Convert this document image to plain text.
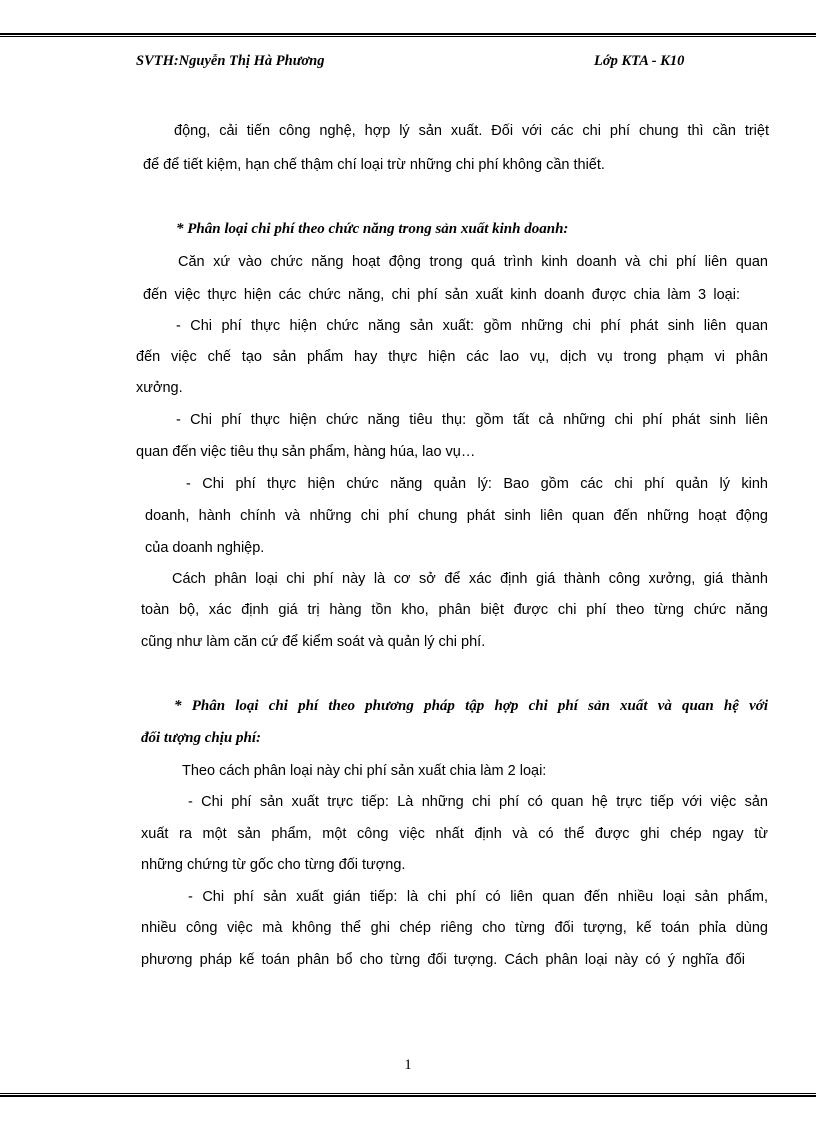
SVTH:Nguyễn Thị Hà Phương	Lớp KTA - K10
động, cải tiến công nghệ, hợp lý sản xuất. Đối với các chi phí chung thì cần triệt
để để tiết kiệm, hạn chế thậm chí loại trừ những chi phí không cần thiết.
* Phân loại chi phí theo chức năng trong sản xuất kinh doanh:
Căn xứ vào chức năng hoạt động trong quá trình kinh doanh và chi phí liên quan
đến việc thực hiện các chức năng, chi phí sản xuất kinh doanh được chia làm 3 loại:
- Chi phí thực hiện chức năng sản xuất: gồm những chi phí phát sinh liên quan
đến việc chế tạo sản phẩm hay thực hiện các lao vụ, dịch vụ trong phạm vi phân
xưởng.
- Chi phí thực hiện chức năng tiêu thụ: gồm tất cả những chi phí phát sinh liên
quan đến việc tiêu thụ sản phẩm, hàng húa, lao vụ…
- Chi phí thực hiện chức năng quản lý: Bao gồm các chi phí quản lý kinh
doanh, hành chính và những chi phí chung phát sinh liên quan đến những hoạt động
của doanh nghiệp.
Cách phân loại chi phí này là cơ sở để xác định giá thành công xưởng, giá thành
toàn bộ, xác định giá trị hàng tồn kho, phân biệt được chi phí theo từng chức năng
cũng như làm căn cứ để kiểm soát và quản lý chi phí.
* Phân loại chi phí theo phương pháp tập hợp chi phí sản xuất và quan hệ với
đối tượng chịu phí:
Theo cách phân loại này chi phí sản xuất chia làm 2 loại:
- Chi phí sản xuất trực tiếp: Là những chi phí có quan hệ trực tiếp với việc sản
xuất ra một sản phẩm, một công việc nhất định và có thể được ghi chép ngay từ
những chứng từ gốc cho từng đối tượng.
- Chi phí sản xuất gián tiếp: là chi phí có liên quan đến nhiều loại sản phẩm,
nhiều công việc mà không thể ghi chép riêng cho từng đối tượng, kế toán phỉa dùng
phương pháp kế toán phân bổ cho từng đối tượng. Cách phân loại này có ý nghĩa đối
1
